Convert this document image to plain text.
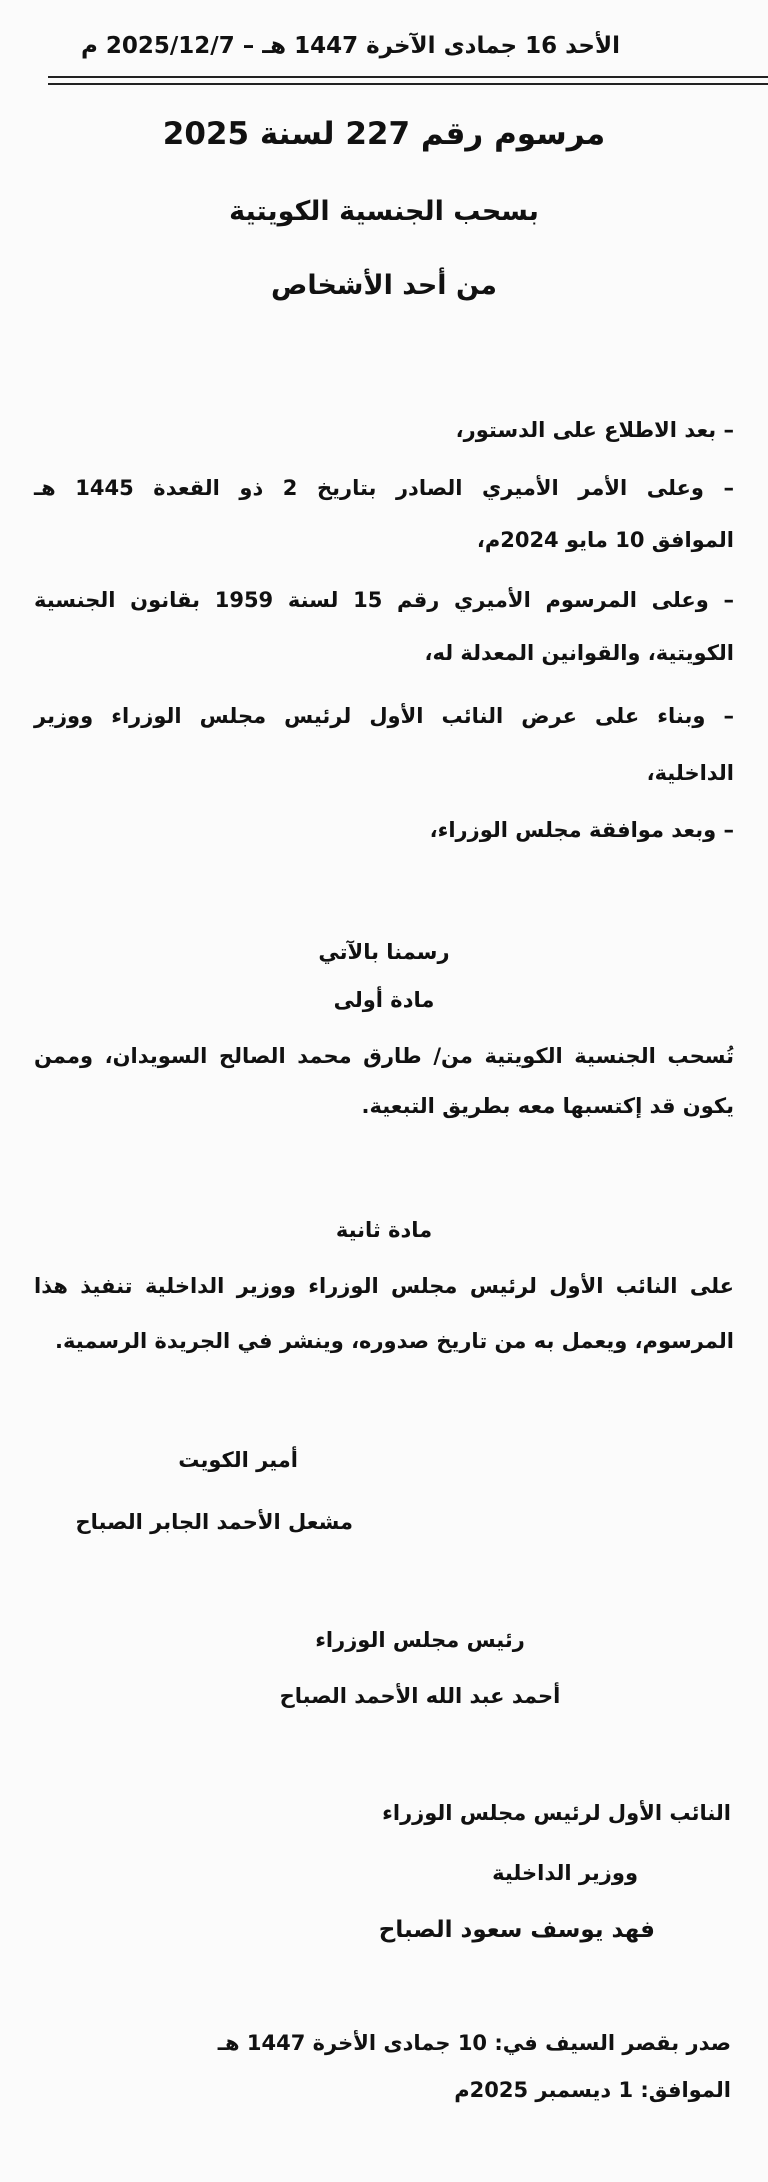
الأحد 16 جمادى الآخرة 1447 هـ – 2025/12/7 م
مرسوم رقم 227 لسنة 2025
بسحب الجنسية الكويتية
من أحد الأشخاص
– بعد الاطلاع على الدستور،
– وعلى الأمر الأميري الصادر بتاريخ 2 ذو القعدة 1445 هـ
الموافق 10 مايو 2024م،
– وعلى المرسوم الأميري رقم 15 لسنة 1959 بقانون الجنسية
الكويتية، والقوانين المعدلة له،
– وبناء على عرض النائب الأول لرئيس مجلس الوزراء ووزير
الداخلية،
– وبعد موافقة مجلس الوزراء،
رسمنا بالآتي
مادة أولى
تُسحب الجنسية الكويتية من/ طارق محمد الصالح السويدان، وممن
يكون قد إكتسبها معه بطريق التبعية.
مادة ثانية
على النائب الأول لرئيس مجلس الوزراء ووزير الداخلية تنفيذ هذا
المرسوم، ويعمل به من تاريخ صدوره، وينشر في الجريدة الرسمية.
أمير الكويت
مشعل الأحمد الجابر الصباح
رئيس مجلس الوزراء
أحمد عبد الله الأحمد الصباح
النائب الأول لرئيس مجلس الوزراء
ووزير الداخلية
فهد يوسف سعود الصباح
صدر بقصر السيف في: 10 جمادى الأخرة 1447 هـ
الموافق: 1 ديسمبر 2025م
